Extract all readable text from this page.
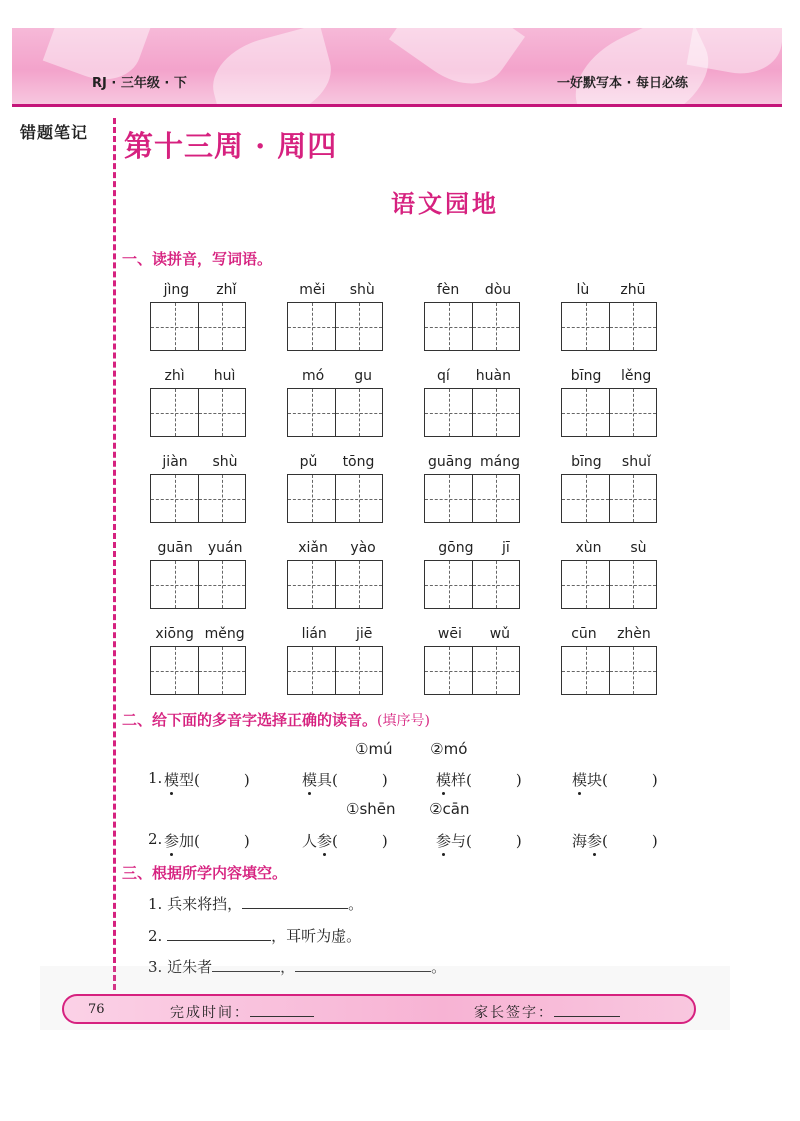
RJ · 三年级 · 下	一好默写本 · 每日必练
错题笔记 第十三周 · 周四
语文园地
一、读拼音，写词语。
jìng zhǐ	měi shù	fèn dòu	lù zhū
zhì huì	mó gu	qí huàn	bīng lěng
jiàn shù	pǔ tōng	guāng máng	bīng shuǐ
guān yuán	xiǎn yào	gōng jī	xùn sù
xiōng měng	lián jiē	wēi wǔ	cūn zhèn
二、给下面的多音字选择正确的读音。(填序号)
①mú	②mó
1. 模型(	)	模具(	)	模样(	)	模块(	)
①shēn ②cān
2. 参加(	)	人参(	)	参与(	)	海参(	)
三、根据所学内容填空。
1. 兵来将挡，	。
2.	，耳听为虚。
3. 近朱者	，	。
76	完成时间：	家长签字：
